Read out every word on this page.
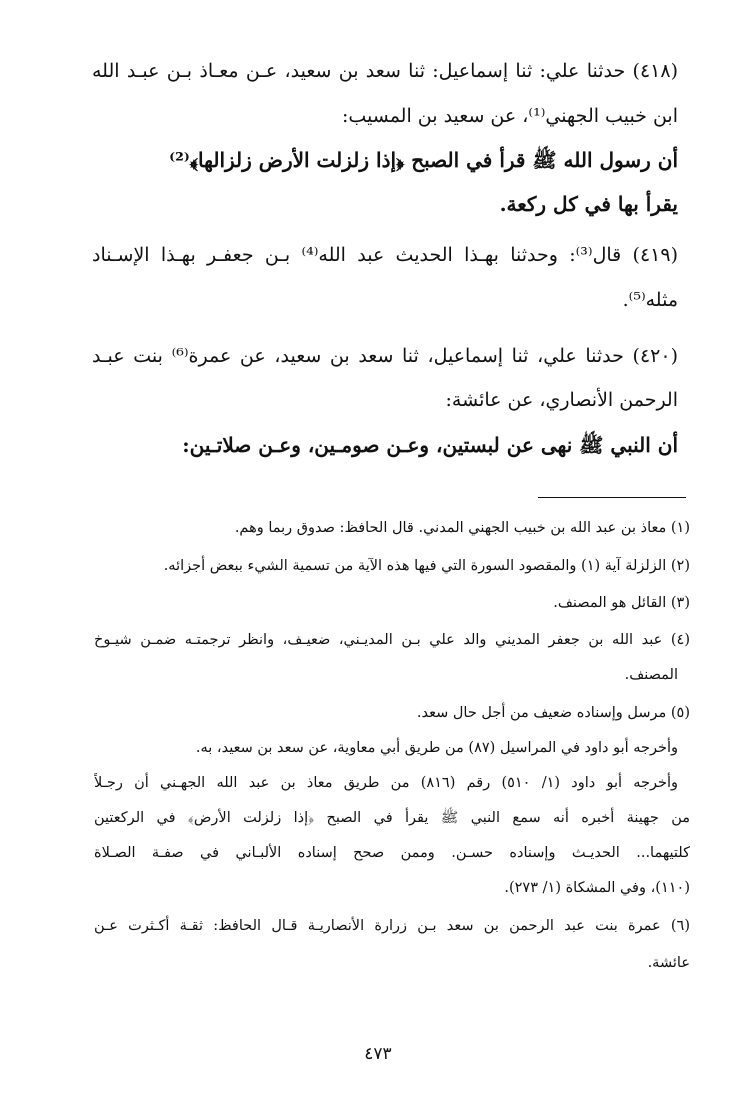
(٤١٨) حدثنا علي: ثنا إسماعيل: ثنا سعد بن سعيد، عـن معـاذ بـن عبـد الله
ابن خبيب الجهني⁽¹⁾، عن سعيد بن المسيب:
أن رسول الله ﷺ قرأ في الصبح ﴿إذا زلزلت الأرض زلزالها﴾⁽²⁾
يقرأ بها في كل ركعة.
(٤١٩) قال⁽³⁾: وحدثنا بهـذا الحديث عبد الله⁽⁴⁾ بـن جعفـر بهـذا الإسـناد
مثله⁽⁵⁾.
(٤٢٠) حدثنا علي، ثنا إسماعيل، ثنا سعد بن سعيد، عن عمرة⁽⁶⁾ بنت عبـد
الرحمن الأنصاري، عن عائشة:
أن النبي ﷺ نهى عن لبستين، وعـن صومـين، وعـن صلاتـين:
(١) معاذ بن عبد الله بن خبيب الجهني المدني. قال الحافظ: صدوق ربما وهم.
(٢) الزلزلة آية (١) والمقصود السورة التي فيها هذه الآية من تسمية الشيء ببعض أجزائه.
(٣) القائل هو المصنف.
(٤) عبد الله بن جعفر المديني والد علي بـن المديـني، ضعيـف، وانظر ترجمتـه ضمـن شيـوخ
المصنف.
(٥) مرسل وإسناده ضعيف من أجل حال سعد.
وأخرجه أبو داود في المراسيل (٨٧) من طريق أبي معاوية، عن سعد بن سعيد، به.
وأخرجه أبو داود (١/ ٥١٠) رقم (٨١٦) من طريق معاذ بن عبد الله الجهـني أن رجـلاً
من جهينة أخبره أنه سمع النبي ﷺ يقرأ في الصبح ﴿إذا زلزلت الأرض﴾ في الركعتين
كلتيهما... الحديـث وإسناده حسـن. وممن صحح إسناده الألبـاني في صفـة الصـلاة
(١١٠)، وفي المشكاة (١/ ٢٧٣).
(٦) عمرة بنت عبد الرحمن بن سعد بـن زرارة الأنصاريـة قـال الحافظ: ثقـة أكـثرت عـن
عائشة.
٤٧٣
